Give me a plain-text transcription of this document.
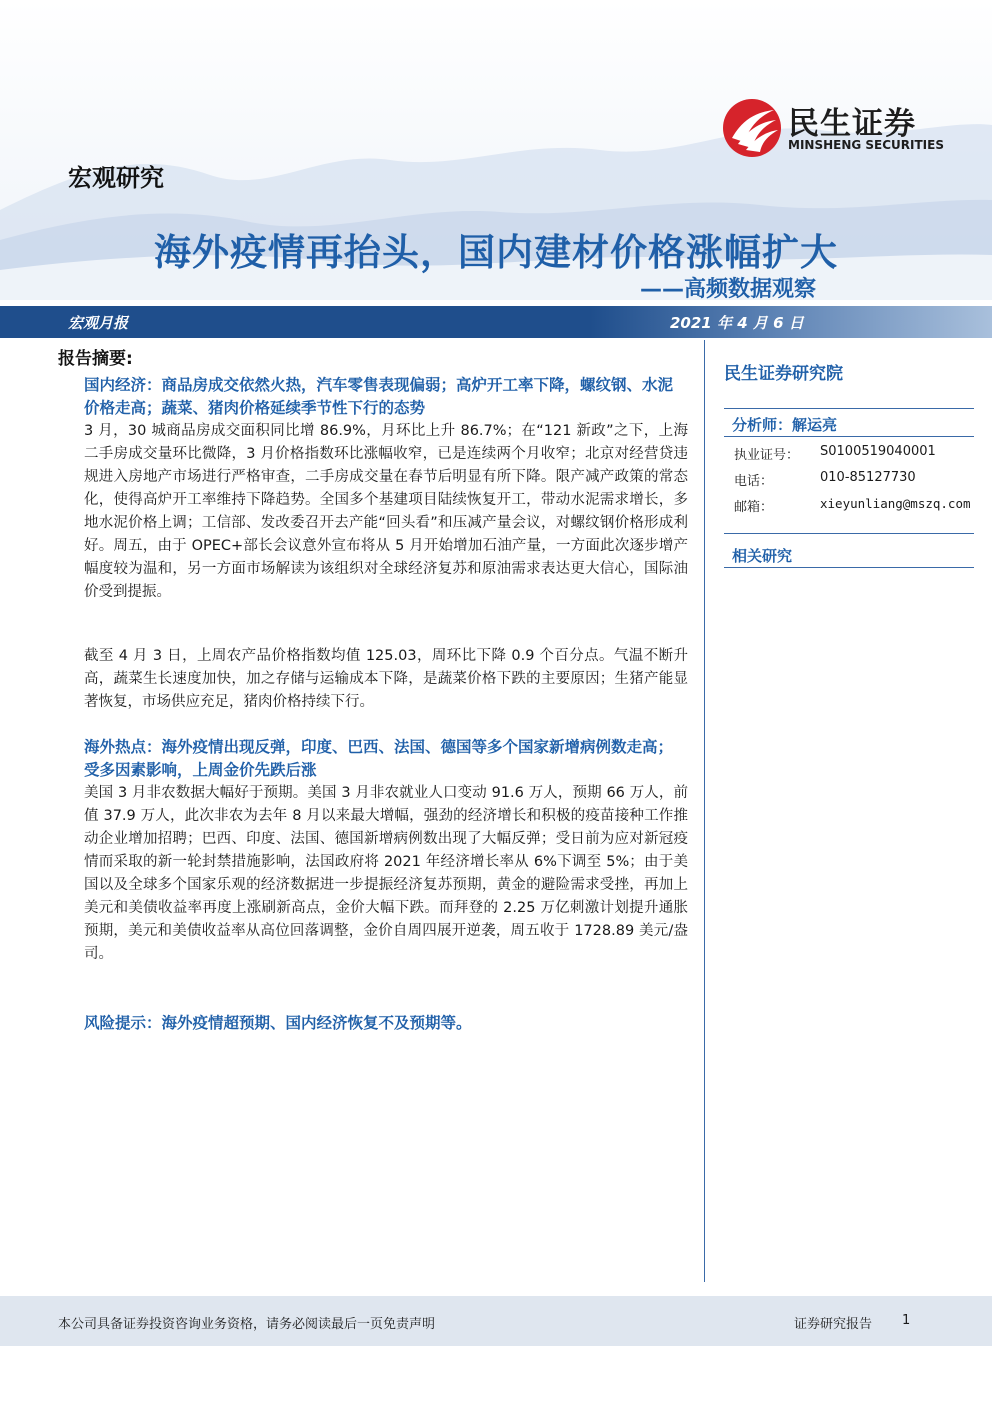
民生证券
MINSHENG SECURITIES
宏观研究
海外疫情再抬头，国内建材价格涨幅扩大
——高频数据观察
宏观月报	2021 年 4 月 6 日
报告摘要:

国内经济：商品房成交依然火热，汽车零售表现偏弱；高炉开工率下降，螺纹钢、水泥价格走高；蔬菜、猪肉价格延续季节性下行的态势

3 月，30 城商品房成交面积同比增 86.9%，月环比上升 86.7%；在“121 新政”之下，上海二手房成交量环比微降，3 月价格指数环比涨幅收窄，已是连续两个月收窄；北京对经营贷违规进入房地产市场进行严格审查，二手房成交量在春节后明显有所下降。限产减产政策的常态化，使得高炉开工率维持下降趋势。全国多个基建项目陆续恢复开工，带动水泥需求增长，多地水泥价格上调；工信部、发改委召开去产能“回头看”和压减产量会议，对螺纹钢价格形成利好。周五，由于 OPEC+部长会议意外宣布将从 5 月开始增加石油产量，一方面此次逐步增产幅度较为温和，另一方面市场解读为该组织对全球经济复苏和原油需求表达更大信心，国际油价受到提振。

截至 4 月 3 日，上周农产品价格指数均值 125.03，周环比下降 0.9 个百分点。气温不断升高，蔬菜生长速度加快，加之存储与运输成本下降，是蔬菜价格下跌的主要原因；生猪产能显著恢复，市场供应充足，猪肉价格持续下行。

海外热点：海外疫情出现反弹，印度、巴西、法国、德国等多个国家新增病例数走高；受多因素影响，上周金价先跌后涨

美国 3 月非农数据大幅好于预期。美国 3 月非农就业人口变动 91.6 万人，预期 66 万人，前值 37.9 万人，此次非农为去年 8 月以来最大增幅，强劲的经济增长和积极的疫苗接种工作推动企业增加招聘；巴西、印度、法国、德国新增病例数出现了大幅反弹；受日前为应对新冠疫情而采取的新一轮封禁措施影响，法国政府将 2021 年经济增长率从 6%下调至 5%；由于美国以及全球多个国家乐观的经济数据进一步提振经济复苏预期，黄金的避险需求受挫，再加上美元和美债收益率再度上涨刷新高点，金价大幅下跌。而拜登的 2.25 万亿刺激计划提升通胀预期，美元和美债收益率从高位回落调整，金价自周四展开逆袭，周五收于 1728.89 美元/盎司。

风险提示：海外疫情超预期、国内经济恢复不及预期等。

民生证券研究院
分析师：解运亮
执业证号： S0100519040001
电话：	010-85127730
邮箱：	xieyunliang@mszq.com
相关研究
本公司具备证券投资咨询业务资格，请务必阅读最后一页免责声明	证券研究报告 1
